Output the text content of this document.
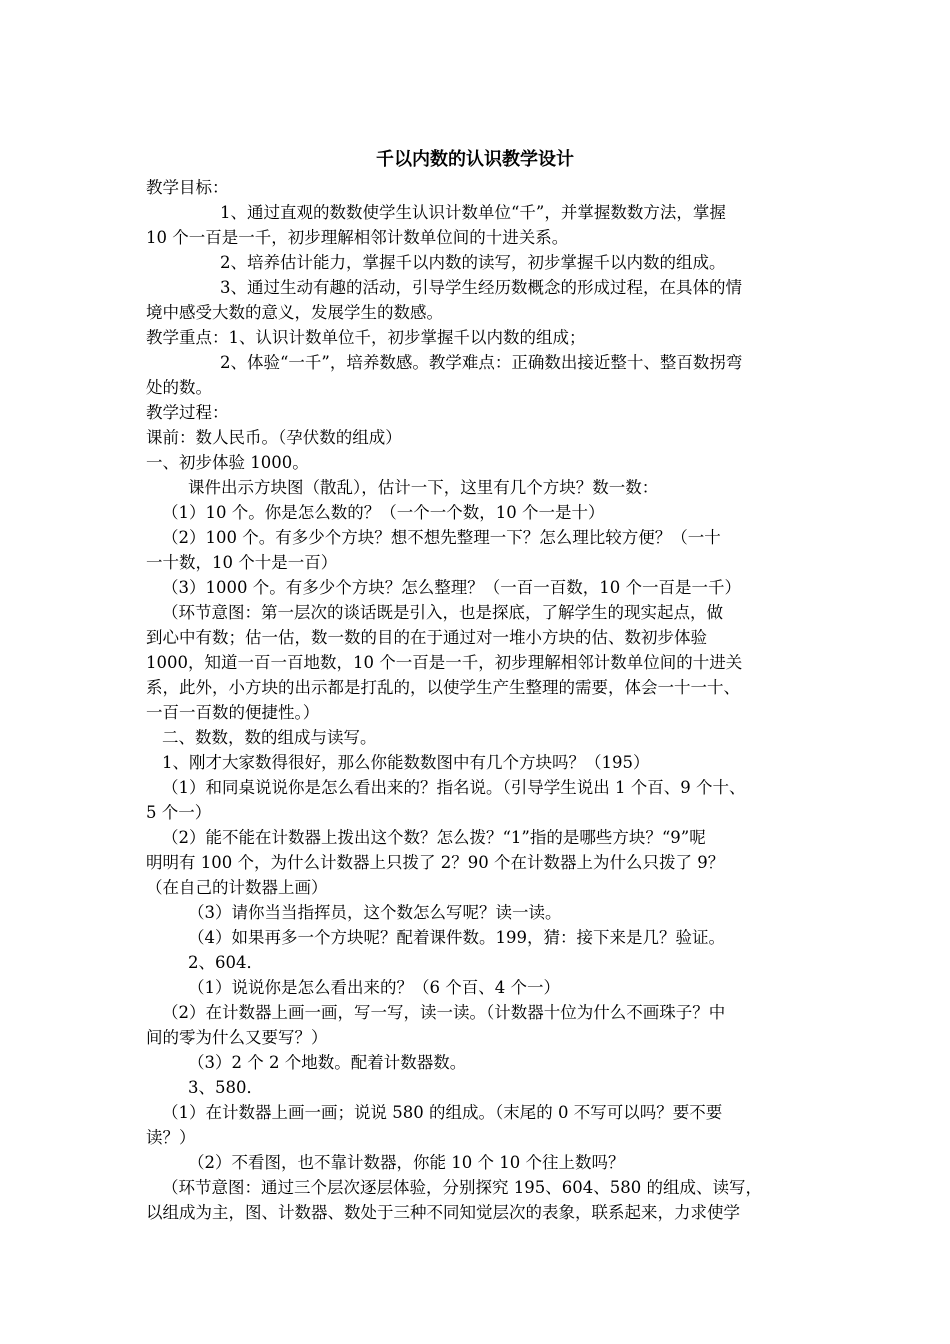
千以内数的认识教学设计

教学目标：

1、通过直观的数数使学生认识计数单位“千”，并掌握数数方法，掌握

10 个一百是一千，初步理解相邻计数单位间的十进关系。

2、培养估计能力，掌握千以内数的读写，初步掌握千以内数的组成。

3、通过生动有趣的活动，引导学生经历数概念的形成过程，在具体的情

境中感受大数的意义，发展学生的数感。

教学重点：1、认识计数单位千，初步掌握千以内数的组成；

2、体验“一千”，培养数感。教学难点：正确数出接近整十、整百数拐弯

处的数。

教学过程：

课前：数人民币。（孕伏数的组成）

一、初步体验 1000。

课件出示方块图（散乱），估计一下，这里有几个方块？数一数：

（1）10 个。你是怎么数的？（一个一个数，10 个一是十）

（2）100 个。有多少个方块？想不想先整理一下？怎么理比较方便？（一十

一十数，10 个十是一百）

（3）1000 个。有多少个方块？怎么整理？（一百一百数，10 个一百是一千）

（环节意图：第一层次的谈话既是引入，也是探底，了解学生的现实起点，做

到心中有数；估一估，数一数的目的在于通过对一堆小方块的估、数初步体验

1000，知道一百一百地数，10 个一百是一千，初步理解相邻计数单位间的十进关

系，此外，小方块的出示都是打乱的，以使学生产生整理的需要，体会一十一十、

一百一百数的便捷性。）

二、数数，数的组成与读写。

1、刚才大家数得很好，那么你能数数图中有几个方块吗？（195）

（1）和同桌说说你是怎么看出来的？指名说。（引导学生说出 1 个百、9 个十、

5 个一）

（2）能不能在计数器上拨出这个数？怎么拨？“1”指的是哪些方块？“9”呢

明明有 100 个，为什么计数器上只拨了 2？90 个在计数器上为什么只拨了 9？

（在自己的计数器上画）

（3）请你当当指挥员，这个数怎么写呢？读一读。

（4）如果再多一个方块呢？配着课件数。199，猜：接下来是几？验证。

2、604．

（1）说说你是怎么看出来的？（6 个百、4 个一）

（2）在计数器上画一画，写一写，读一读。（计数器十位为什么不画珠子？中

间的零为什么又要写？）

（3）2 个 2 个地数。配着计数器数。

3、580．

（1）在计数器上画一画；说说 580 的组成。（末尾的 0 不写可以吗？要不要

读？）

（2）不看图，也不靠计数器，你能 10 个 10 个往上数吗？

（环节意图：通过三个层次逐层体验，分别探究 195、604、580 的组成、读写，

以组成为主，图、计数器、数处于三种不同知觉层次的表象，联系起来，力求使学
